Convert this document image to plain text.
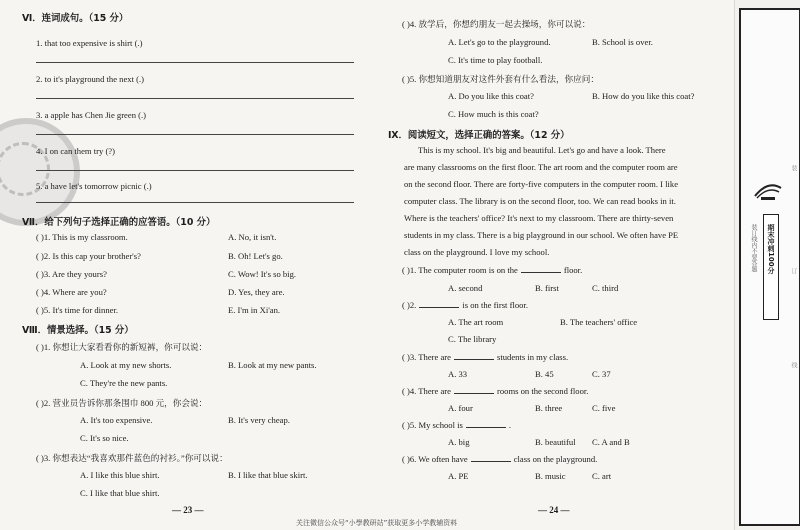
Ⅵ．连词成句。（15 分）
1. that too expensive is shirt (.)
2. to it's playground the next (.)
3. a apple has Chen Jie green (.)
4. I on can them try (?)
5. a have let's tomorrow picnic (.)
Ⅶ．给下列句子选择正确的应答语。（10 分）
( )1. This is my classroom.	A. No, it isn't.
( )2. Is this cap your brother's?	B. Oh! Let's go.
( )3. Are they yours?	C. Wow! It's so big.
( )4. Where are you?	D. Yes, they are.
( )5. It's time for dinner.	E. I'm in Xi'an.
Ⅷ．情景选择。（15 分）
( )1. 你想让大家看看你的新短裤，你可以说：
A. Look at my new shorts.	B. Look at my new pants.
C. They're the new pants.
( )2. 营业员告诉你那条围巾 800 元，你会说：
A. It's too expensive.	B. It's very cheap.
C. It's so nice.
( )3. 你想表达“我喜欢那件蓝色的衬衫。”你可以说：
A. I like this blue shirt.	B. I like that blue skirt.
C. I like that blue shirt.
— 23 —
( )4. 放学后，你想约朋友一起去操场，你可以说：
A. Let's go to the playground.	B. School is over.
C. It's time to play football.
( )5. 你想知道朋友对这件外套有什么看法，你应问：
A. Do you like this coat?	B. How do you like this coat?
C. How much is this coat?
Ⅸ．阅读短文，选择正确的答案。（12 分）
This is my school. It's big and beautiful. Let's go and have a look. There
are many classrooms on the first floor. The art room and the computer room are
on the second floor. There are forty-five computers in the computer room. I like
computer class. The library is on the second floor, too. We can read books in it.
Where is the teachers' office? It's next to my classroom. There are thirty-seven
students in my class. There is a big playground in our school. We often have PE
class on the playground. I love my school.
( )1. The computer room is on the	floor.
A. second	B. first	C. third
( )2.	is on the first floor.
A. The art room	B. The teachers' office
C. The library
( )3. There are	students in my class.
A. 33	B. 45	C. 37
( )4. There are	rooms on the second floor.
A. four	B. three	C. five
( )5. My school is	.
A. big	B. beautiful C. A and B
( )6. We often have	class on the playground.
A. PE	B. music	C. art
— 24 —
期末冲刺100分
装订线内不要答题
装
订
线
关注微信公众号“小學教研站”获取更多小学教辅资料
